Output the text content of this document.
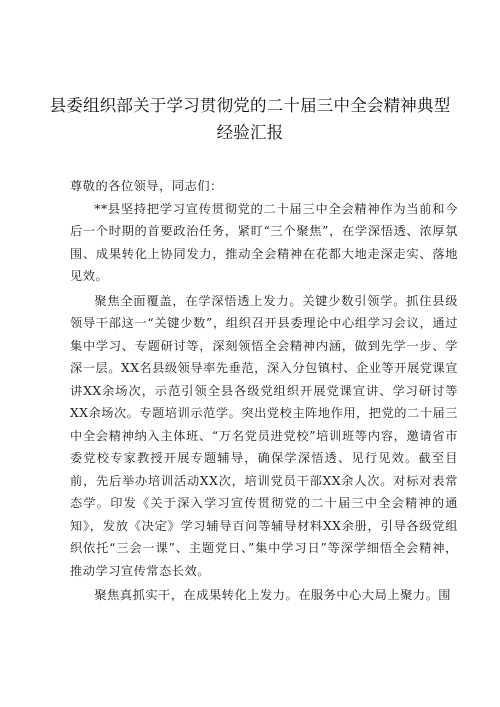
县委组织部关于学习贯彻党的二十届三中全会精神典型
经验汇报

尊敬的各位领导，同志们：

**县坚持把学习宣传贯彻党的二十届三中全会精神作为当前和今后一个时期的首要政治任务，紧盯“三个聚焦”，在学深悟透、浓厚氛围、成果转化上协同发力，推动全会精神在花都大地走深走实、落地见效。

聚焦全面覆盖，在学深悟透上发力。关键少数引领学。抓住县级领导干部这一“关键少数”，组织召开县委理论中心组学习会议，通过集中学习、专题研讨等，深刻领悟全会精神内涵，做到先学一步、学深一层。XX名县级领导率先垂范，深入分包镇村、企业等开展党课宣讲XX余场次，示范引领全县各级党组织开展党课宣讲、学习研讨等XX余场次。专题培训示范学。突出党校主阵地作用，把党的二十届三中全会精神纳入主体班、“万名党员进党校”培训班等内容，邀请省市委党校专家教授开展专题辅导，确保学深悟透、见行见效。截至目前，先后举办培训活动XX次，培训党员干部XX余人次。对标对表常态学。印发《关于深入学习宣传贯彻党的二十届三中全会精神的通知》，发放《决定》学习辅导百问等辅导材料XX余册，引导各级党组织依托“三会一课”、主题党日、”集中学习日”等深学细悟全会精神，推动学习宣传常态长效。

聚焦真抓实干，在成果转化上发力。在服务中心大局上聚力。围
